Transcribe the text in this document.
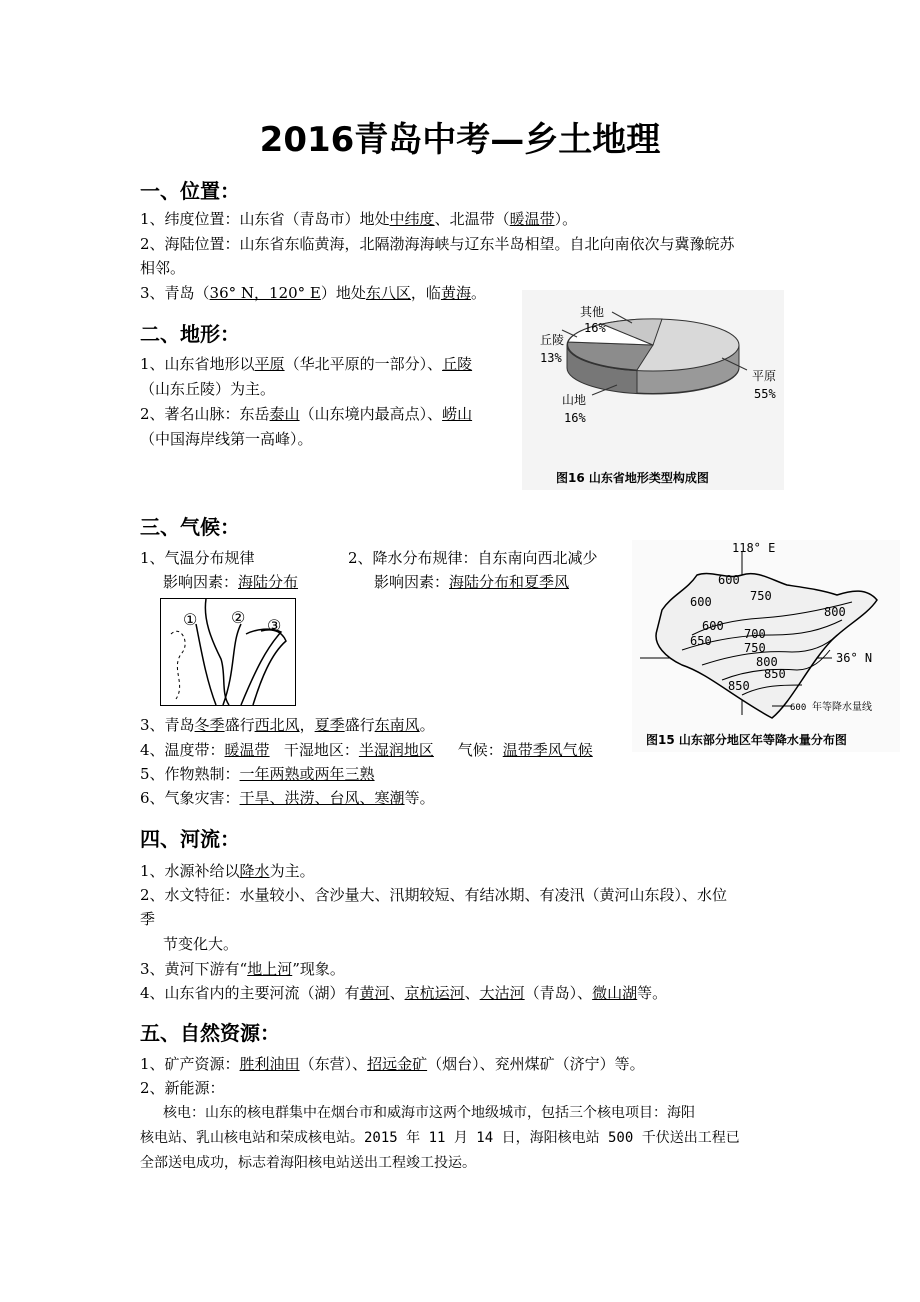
2016青岛中考—乡土地理
一、位置：
1、纬度位置：山东省（青岛市）地处中纬度、北温带（暖温带）。
2、海陆位置：山东省东临黄海，北隔渤海海峡与辽东半岛相望。自北向南依次与冀豫皖苏
相邻。
3、青岛（36° N，120° E）地处东八区，临黄海。
二、地形：
1、山东省地形以平原（华北平原的一部分）、丘陵
（山东丘陵）为主。
2、著名山脉：东岳泰山（山东境内最高点）、崂山
（中国海岸线第一高峰）。
其他
16%
丘陵
13%
平原
55%
山地
16%
图16 山东省地形类型构成图
三、气候：
1、气温分布规律
影响因素：海陆分布
2、降水分布规律：自东南向西北减少
影响因素：海陆分布和夏季风
① ② ③
3、青岛冬季盛行西北风，夏季盛行东南风。
4、温度带：暖温带   干湿地区：半湿润地区     气候：温带季风气候
5、作物熟制：一年两熟或两年三熟
6、气象灾害：干旱、洪涝、台风、寒潮等。
118° E
36° N
600
600
600
650	700
750
800
750
800
850
850
600 年等降水量线
图15 山东部分地区年等降水量分布图
四、河流：
1、水源补给以降水为主。
2、水文特征：水量较小、含沙量大、汛期较短、有结冰期、有凌汛（黄河山东段）、水位
季
节变化大。
3、黄河下游有“地上河”现象。
4、山东省内的主要河流（湖）有黄河、京杭运河、大沽河（青岛）、微山湖等。
五、自然资源：
1、矿产资源：胜利油田（东营）、招远金矿（烟台）、兖州煤矿（济宁）等。
2、新能源：
核电：山东的核电群集中在烟台市和威海市这两个地级城市，包括三个核电项目：海阳
核电站、乳山核电站和荣成核电站。2015 年 11 月 14 日，海阳核电站 500 千伏送出工程已
全部送电成功，标志着海阳核电站送出工程竣工投运。
